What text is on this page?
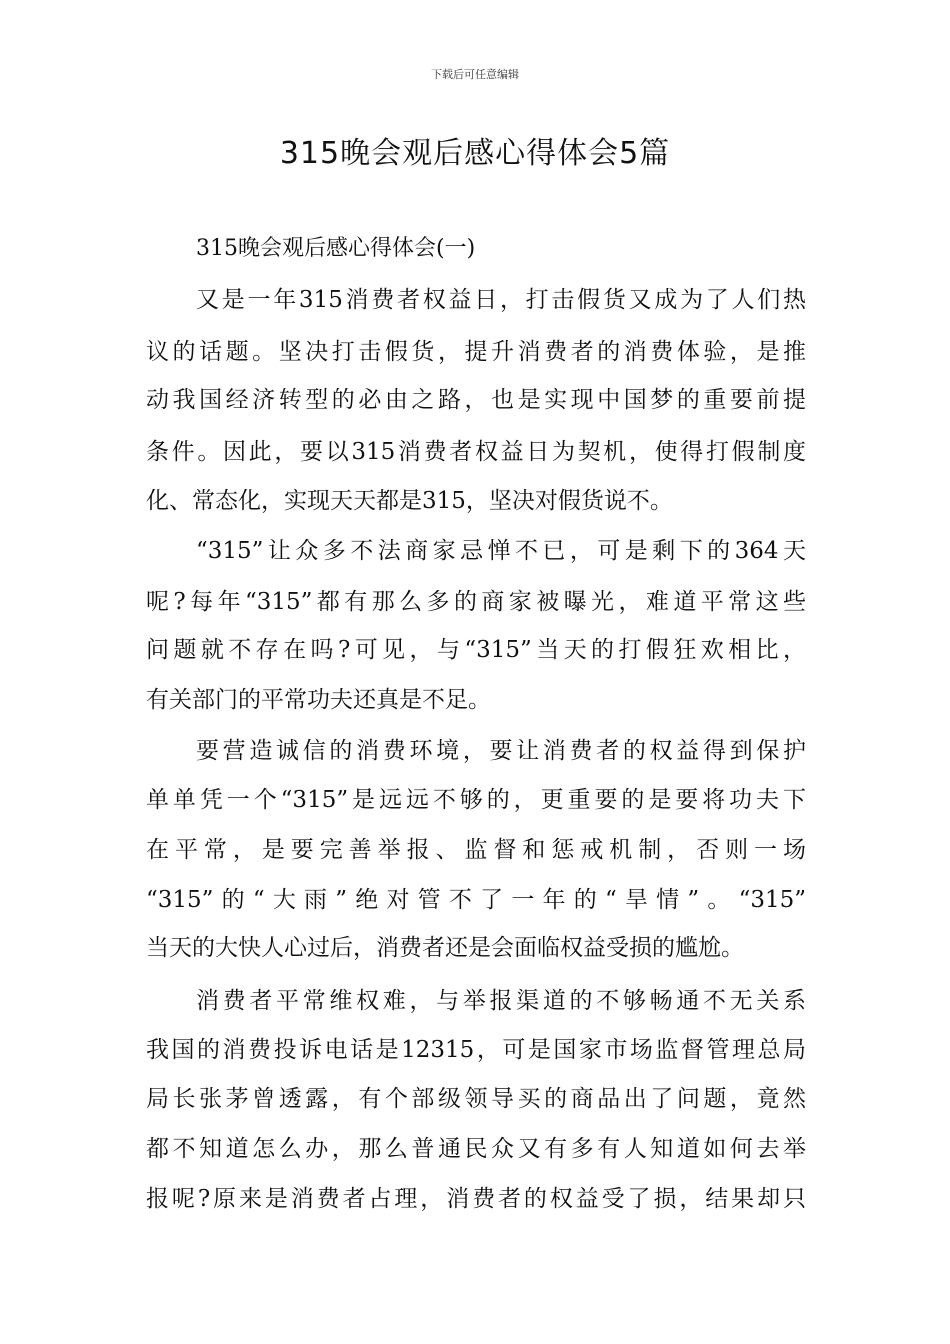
下载后可任意编辑
315晚会观后感心得体会5篇

315晚会观后感心得体会(一)

又是一年315消费者权益日，打击假货又成为了人们热

议的话题。坚决打击假货，提升消费者的消费体验，是推

动我国经济转型的必由之路，也是实现中国梦的重要前提

条件。因此，要以315消费者权益日为契机，使得打假制度

化、常态化，实现天天都是315，坚决对假货说不。

“315”让众多不法商家忌惮不已，可是剩下的364天

呢?每年“315”都有那么多的商家被曝光，难道平常这些

问题就不存在吗?可见，与“315”当天的打假狂欢相比，

有关部门的平常功夫还真是不足。

要营造诚信的消费环境，要让消费者的权益得到保护

单单凭一个“315”是远远不够的，更重要的是要将功夫下

在平常，是要完善举报、监督和惩戒机制，否则一场

“315”的“大雨”绝对管不了一年的“旱情”。“315”

当天的大快人心过后，消费者还是会面临权益受损的尴尬。

消费者平常维权难，与举报渠道的不够畅通不无关系

我国的消费投诉电话是12315，可是国家市场监督管理总局

局长张茅曾透露，有个部级领导买的商品出了问题，竟然

都不知道怎么办，那么普通民众又有多有人知道如何去举

报呢?原来是消费者占理，消费者的权益受了损，结果却只
